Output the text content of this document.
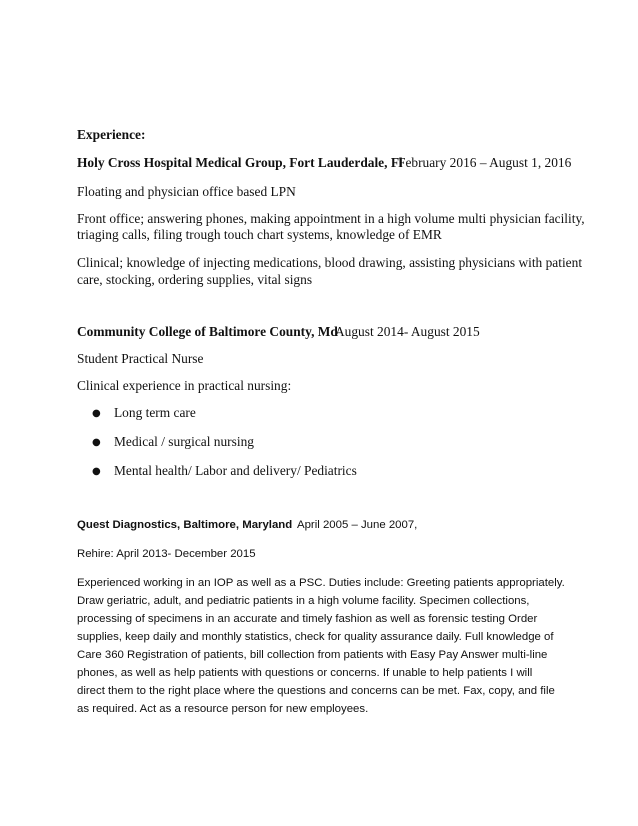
Experience:
Holy Cross Hospital Medical Group, Fort Lauderdale, Fl
February 2016 – August 1, 2016
Floating and physician office based LPN
Front office; answering phones, making appointment in a high volume multi physician facility,
triaging calls, filing trough touch chart systems, knowledge of EMR
Clinical; knowledge of injecting medications, blood drawing, assisting physicians with patient
care, stocking, ordering supplies, vital signs
Community College of Baltimore County, Md
August 2014- August 2015
Student Practical Nurse
Clinical experience in practical nursing:
● Long term care
● Medical / surgical nursing
● Mental health/ Labor and delivery/ Pediatrics
Quest Diagnostics, Baltimore, Maryland April 2005 – June 2007,
Rehire: April 2013- December 2015
Experienced working in an IOP as well as a PSC. Duties include: Greeting patients appropriately.
Draw geriatric, adult, and pediatric patients in a high volume facility. Specimen collections,
processing of specimens in an accurate and timely fashion as well as forensic testing Order
supplies, keep daily and monthly statistics, check for quality assurance daily. Full knowledge of
Care 360 Registration of patients, bill collection from patients with Easy Pay Answer multi-line
phones, as well as help patients with questions or concerns. If unable to help patients I will
direct them to the right place where the questions and concerns can be met. Fax, copy, and file
as required. Act as a resource person for new employees.
